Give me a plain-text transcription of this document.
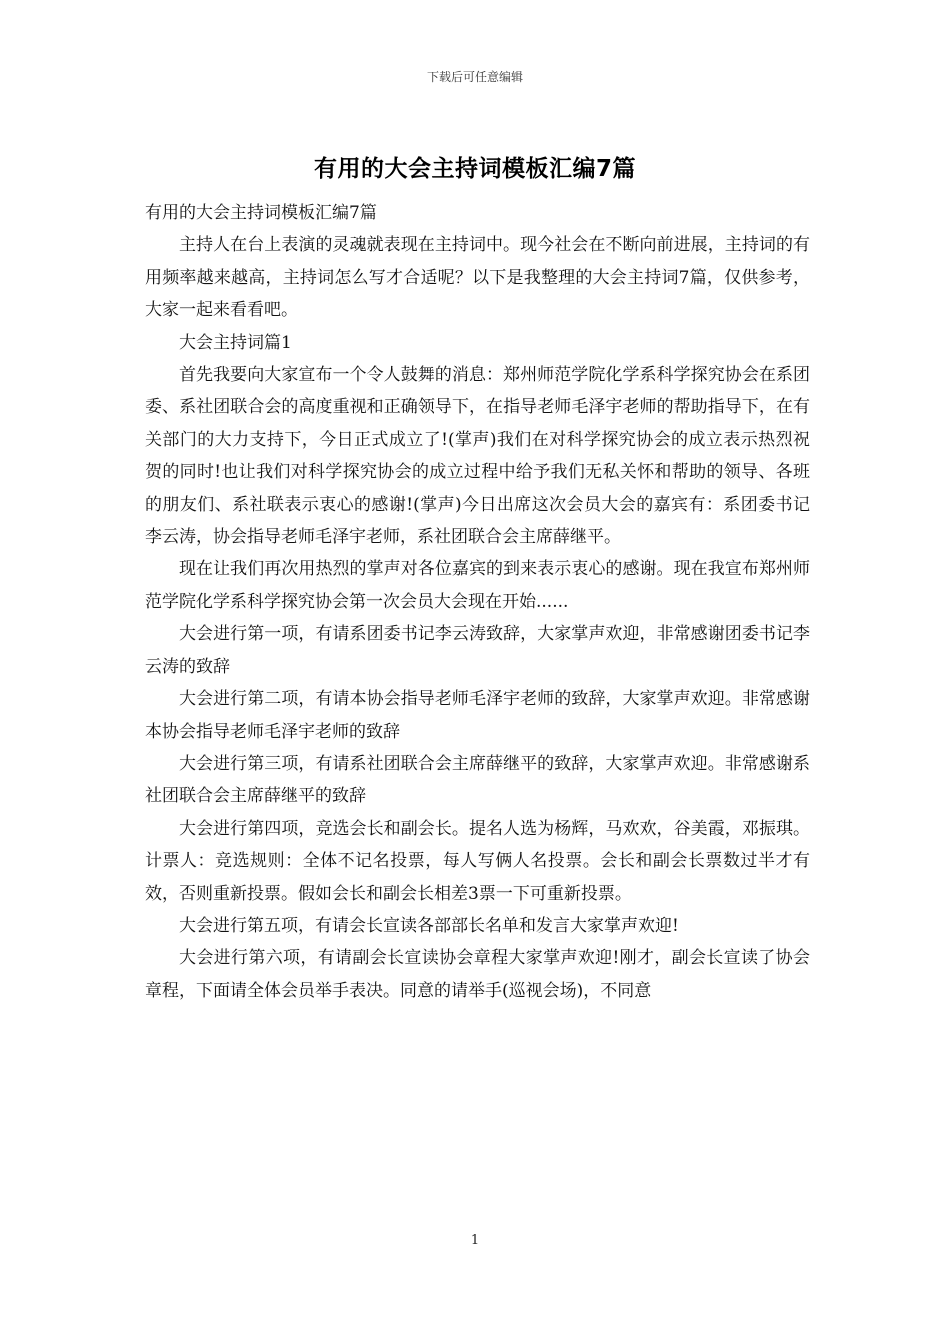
下载后可任意编辑
有用的大会主持词模板汇编7篇

有用的大会主持词模板汇编7篇

主持人在台上表演的灵魂就表现在主持词中。现今社会在不断向前进展，主持词的有用频率越来越高，主持词怎么写才合适呢？以下是我整理的大会主持词7篇，仅供参考，大家一起来看看吧。

大会主持词篇1

首先我要向大家宣布一个令人鼓舞的消息：郑州师范学院化学系科学探究协会在系团委、系社团联合会的高度重视和正确领导下，在指导老师毛泽宇老师的帮助指导下，在有关部门的大力支持下，今日正式成立了!(掌声)我们在对科学探究协会的成立表示热烈祝贺的同时!也让我们对科学探究协会的成立过程中给予我们无私关怀和帮助的领导、各班的朋友们、系社联表示衷心的感谢!(掌声)今日出席这次会员大会的嘉宾有：系团委书记李云涛，协会指导老师毛泽宇老师，系社团联合会主席薛继平。

现在让我们再次用热烈的掌声对各位嘉宾的到来表示衷心的感谢。现在我宣布郑州师范学院化学系科学探究协会第一次会员大会现在开始......

大会进行第一项，有请系团委书记李云涛致辞，大家掌声欢迎，非常感谢团委书记李云涛的致辞

大会进行第二项，有请本协会指导老师毛泽宇老师的致辞，大家掌声欢迎。非常感谢本协会指导老师毛泽宇老师的致辞

大会进行第三项，有请系社团联合会主席薛继平的致辞，大家掌声欢迎。非常感谢系社团联合会主席薛继平的致辞

大会进行第四项，竞选会长和副会长。提名人选为杨辉，马欢欢，谷美霞，邓振琪。计票人：竞选规则：全体不记名投票，每人写俩人名投票。会长和副会长票数过半才有效，否则重新投票。假如会长和副会长相差3票一下可重新投票。

大会进行第五项，有请会长宣读各部部长名单和发言大家掌声欢迎!

大会进行第六项，有请副会长宣读协会章程大家掌声欢迎!刚才，副会长宣读了协会章程，下面请全体会员举手表决。同意的请举手(巡视会场)，不同意

1
